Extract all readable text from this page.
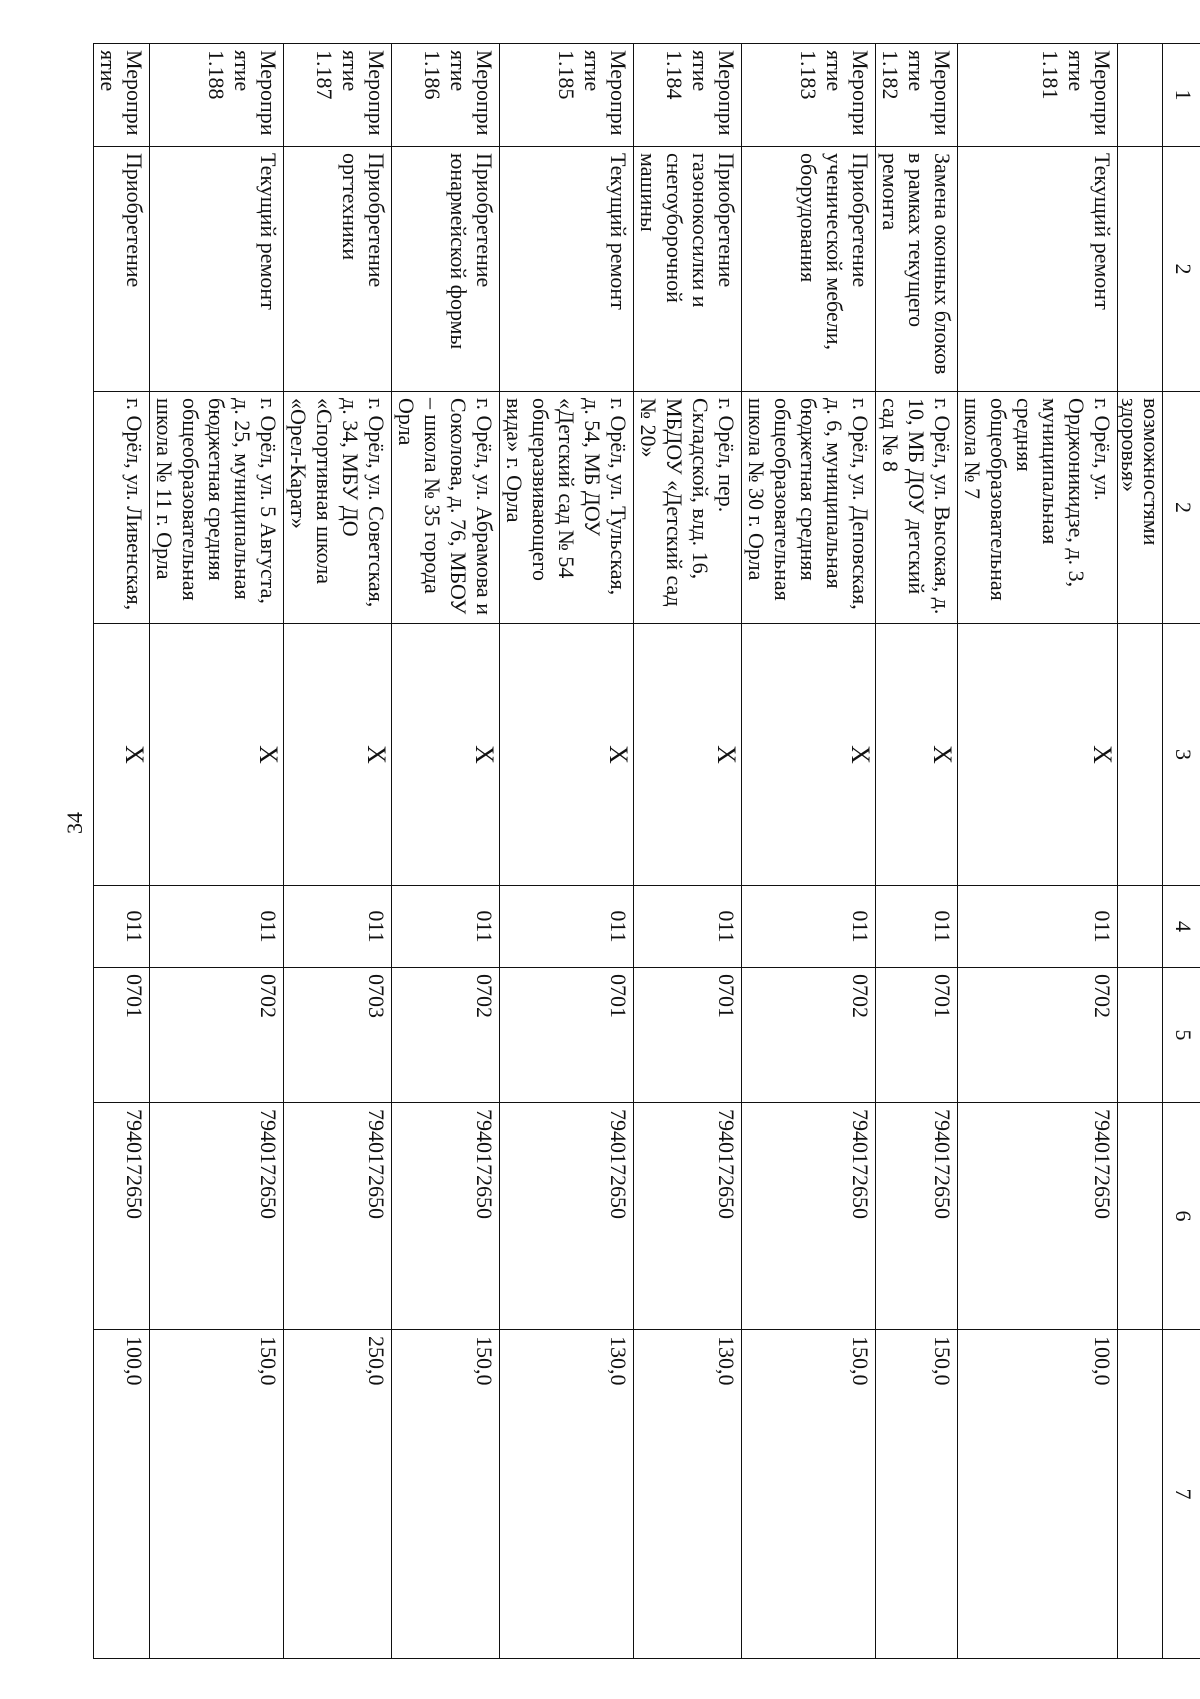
34
1	2	2	3	4	5	6	7
		возможностями здоровья»					
Мероприятие 1.181	Текущий ремонт	г. Орёл, ул. Орджоникидзе, д. 3, муниципальная средняя общеобразовательная школа № 7	X	011	0702	7940172650	100,0
Мероприятие 1.182	Замена оконных блоков в рамках текущего ремонта	г. Орёл, ул. Высокая, д. 10, МБ ДОУ детский сад № 8	X	011	0701	7940172650	150,0
Мероприятие 1.183	Приобретение ученической мебели, оборудования	г. Орёл, ул. Деповская, д. 6, муниципальная бюджетная средняя общеобразовательная школа № 30 г. Орла	X	011	0702	7940172650	150,0
Мероприятие 1.184	Приобретение газонокосилки и снегоуборочной машины	г. Орёл, пер. Складской, влд. 16, МБДОУ «Детский сад № 20»	X	011	0701	7940172650	130,0
Мероприятие 1.185	Текущий ремонт	г. Орёл, ул. Тульская, д. 54, МБ ДОУ «Детский сад № 54 общеразвивающего вида» г. Орла	X	011	0701	7940172650	130,0
Мероприятие 1.186	Приобретение юнармейской формы	г. Орёл, ул. Абрамова и Соколова, д. 76, МБОУ – школа № 35 города Орла	X	011	0702	7940172650	150,0
Мероприятие 1.187	Приобретение оргтехники	г. Орёл, ул. Советская, д. 34, МБУ ДО «Спортивная школа «Орел-Карат»	X	011	0703	7940172650	250,0
Мероприятие 1.188	Текущий ремонт	г. Орёл, ул. 5 Августа, д. 25, муниципальная бюджетная средняя общеобразовательная школа № 11 г. Орла	X	011	0702	7940172650	150,0
Мероприятие	Приобретение	г. Орёл, ул. Ливенская,	X	011	0701	7940172650	100,0
